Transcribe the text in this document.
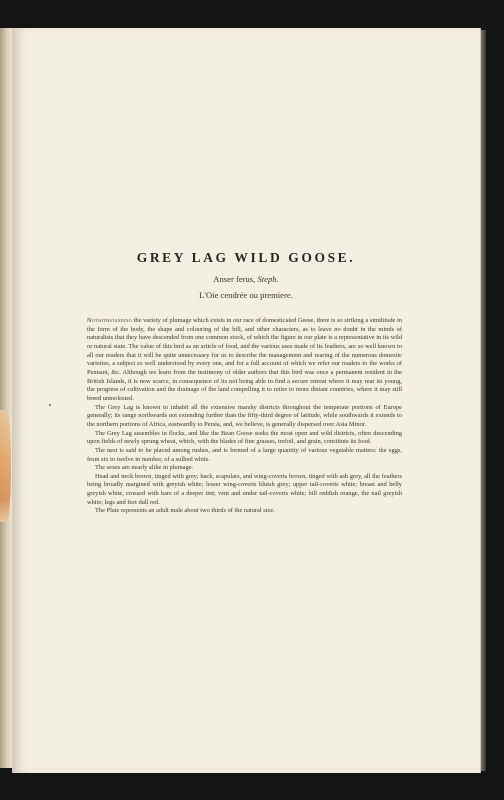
GREY LAG WILD GOOSE.
Anser ferus, Steph.
L'Oie cendrée ou premiere.

Notwithstanding the variety of plumage which exists in our race of domesticated Geese, there is so striking a similitude in the form of the body, the shape and colouring of the bill, and other characters, as to leave no doubt in the minds of naturalists that they have descended from one common stock, of which the figure in our plate is a representative in its wild or natural state. The value of this bird as an article of food, and the various uses made of its feathers, are so well known to all our readers that it will be quite unnecessary for us to describe the management and rearing of the numerous domestic varieties, a subject so well understood by every one, and for a full account of which we refer our readers to the works of Pennant, &c. Although we learn from the testimony of older authors that this bird was once a permanent resident in the British Islands, it is now scarce, in consequence of its not being able to find a secure retreat where it may rear its young, the progress of cultivation and the drainage of the land compelling it to retire to more distant countries, where it may still breed unmolested.

The Grey Lag is known to inhabit all the extensive marshy districts throughout the temperate portions of Europe generally; its range northwards not extending further than the fifty-third degree of latitude, while southwards it extends to the northern portions of Africa, eastwardly to Persia, and, we believe, is generally dispersed over Asia Minor.

The Grey Lag assembles in flocks, and like the Bean Goose seeks the most open and wild districts, often descending upon fields of newly sprung wheat, which, with the blades of fine grasses, trefoil, and grain, constitute its food.

The nest is said to be placed among rushes, and is formed of a large quantity of various vegetable matters: the eggs, from six to twelve in number, of a sullied white.

The sexes are nearly alike in plumage.

Head and neck brown, tinged with grey; back, scapulars, and wing-coverts brown, tinged with ash grey, all the feathers being broadly margined with greyish white; lesser wing-coverts bluish grey; upper tail-coverts white; breast and belly greyish white, crossed with bars of a deeper tint; vent and under tail-coverts white; bill reddish orange, the nail greyish white; legs and feet dull red.

The Plate represents an adult male about two thirds of the natural size.
